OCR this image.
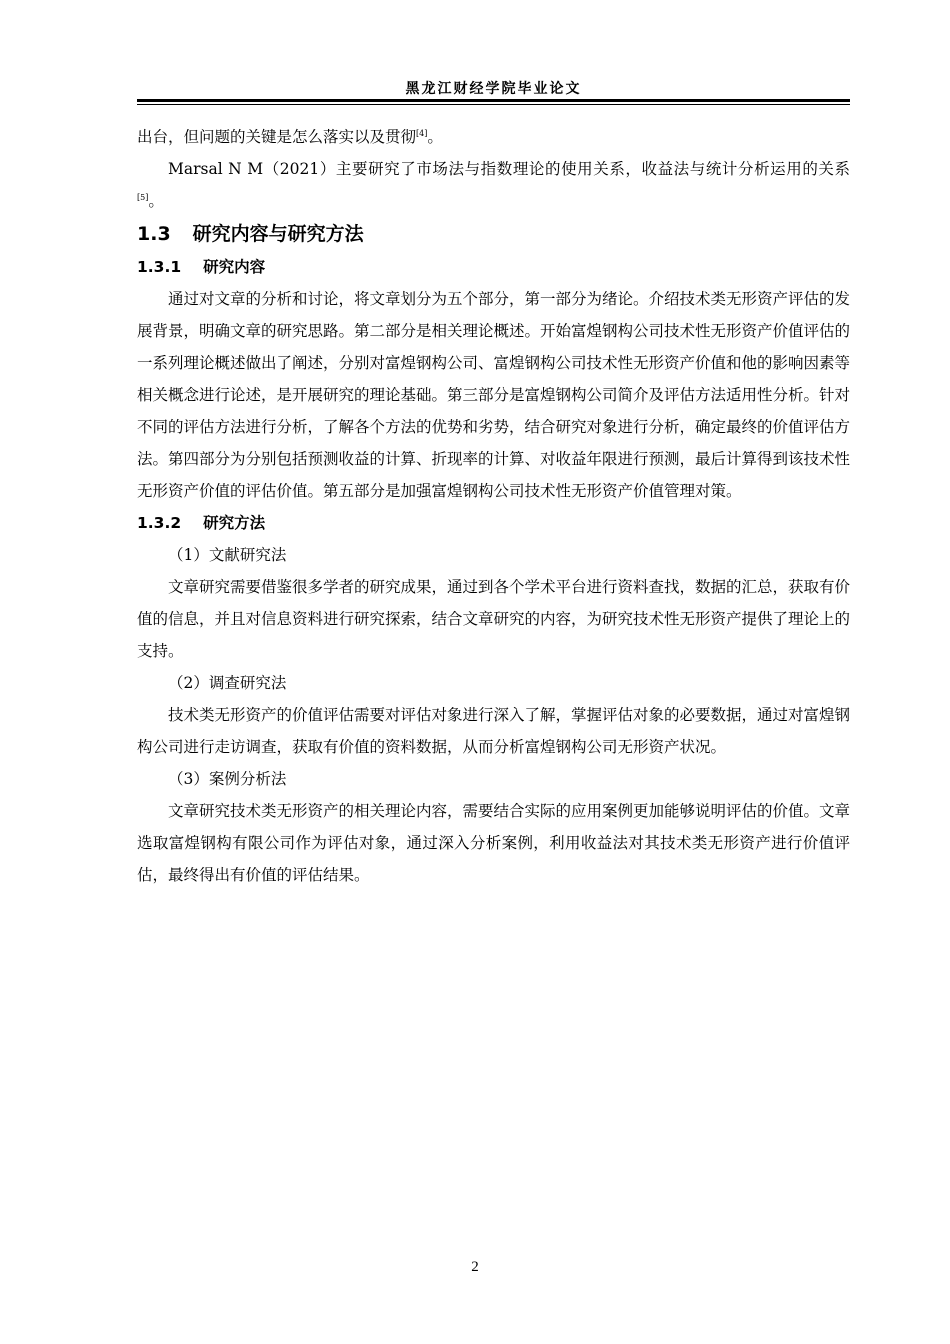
黑龙江财经学院毕业论文

出台，但问题的关键是怎么落实以及贯彻[4]。

Marsal N M（2021）主要研究了市场法与指数理论的使用关系，收益法与统计分析运用的关系[5]。

1.3 研究内容与研究方法
1.3.1 研究内容

通过对文章的分析和讨论，将文章划分为五个部分，第一部分为绪论。介绍技术类无形资产评估的发展背景，明确文章的研究思路。第二部分是相关理论概述。开始富煌钢构公司技术性无形资产价值评估的一系列理论概述做出了阐述，分别对富煌钢构公司、富煌钢构公司技术性无形资产价值和他的影响因素等相关概念进行论述，是开展研究的理论基础。第三部分是富煌钢构公司简介及评估方法适用性分析。针对不同的评估方法进行分析，了解各个方法的优势和劣势，结合研究对象进行分析，确定最终的价值评估方法。第四部分为分别包括预测收益的计算、折现率的计算、对收益年限进行预测，最后计算得到该技术性无形资产价值的评估价值。第五部分是加强富煌钢构公司技术性无形资产价值管理对策。

1.3.2 研究方法

（1）文献研究法

文章研究需要借鉴很多学者的研究成果，通过到各个学术平台进行资料查找，数据的汇总，获取有价值的信息，并且对信息资料进行研究探索，结合文章研究的内容，为研究技术性无形资产提供了理论上的支持。

（2）调查研究法

技术类无形资产的价值评估需要对评估对象进行深入了解，掌握评估对象的必要数据，通过对富煌钢构公司进行走访调查，获取有价值的资料数据，从而分析富煌钢构公司无形资产状况。

（3）案例分析法

文章研究技术类无形资产的相关理论内容，需要结合实际的应用案例更加能够说明评估的价值。文章选取富煌钢构有限公司作为评估对象，通过深入分析案例，利用收益法对其技术类无形资产进行价值评估，最终得出有价值的评估结果。

2
